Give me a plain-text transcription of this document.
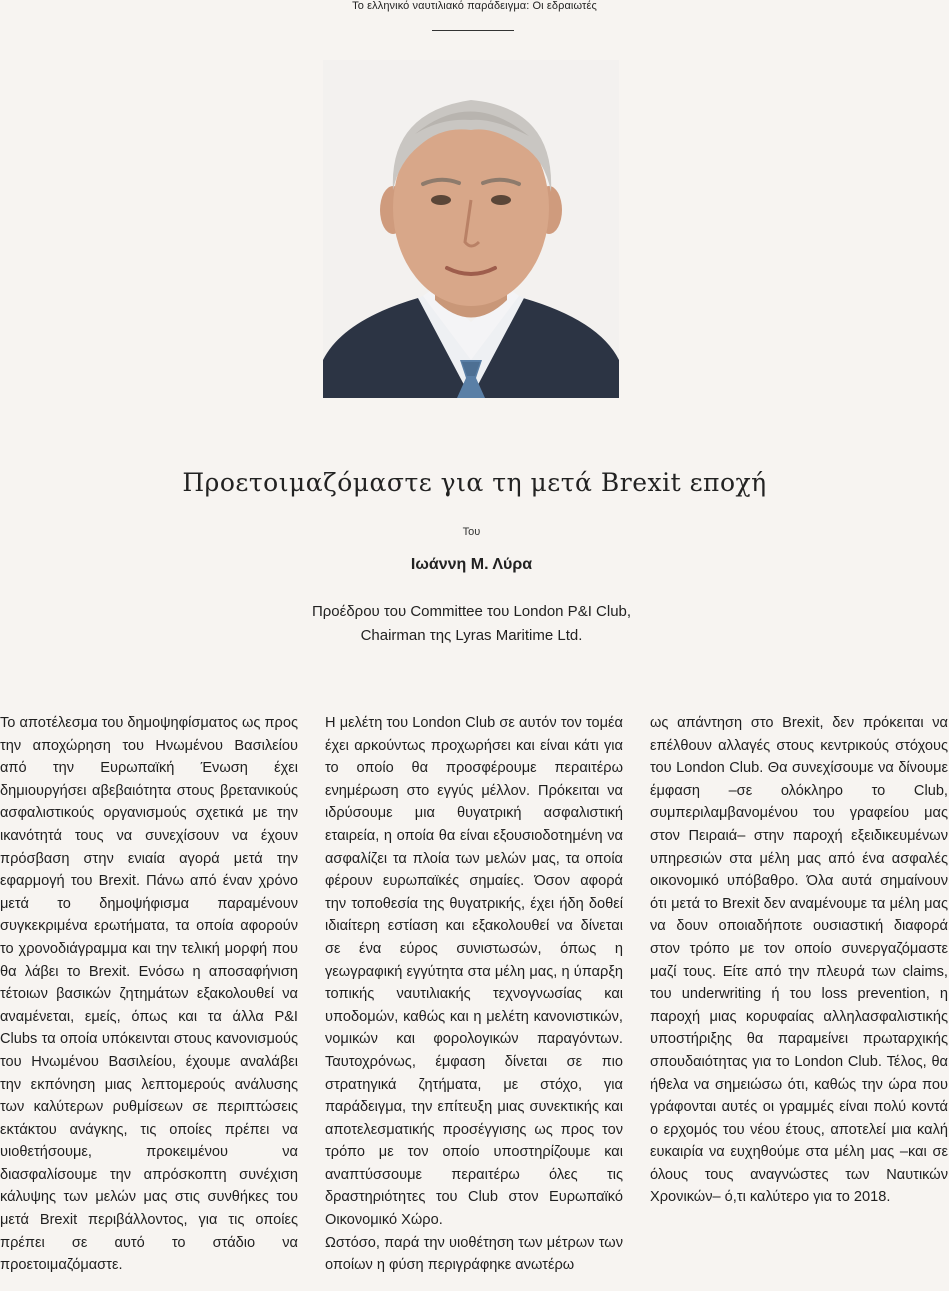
Το ελληνικό ναυτιλιακό παράδειγμα: Οι εδραιωτές
Προετοιμαζόμαστε για τη μετά Brexit εποχή
Του
Ιωάννη Μ. Λύρα
Προέδρου του Committee του London P&I Club,
Chairman της Lyras Maritime Ltd.

Το αποτέλεσμα του δημοψηφίσματος ως προς την αποχώρηση του Ηνωμένου Βασιλείου από την Ευρωπαϊκή Ένωση έχει δημιουργήσει αβεβαιότητα στους βρετανικούς ασφαλιστικούς οργανισμούς σχετικά με την ικανότητά τους να συνεχίσουν να έχουν πρόσβαση στην ενιαία αγορά μετά την εφαρμογή του Brexit. Πάνω από έναν χρόνο μετά το δημοψήφισμα παραμένουν συγκεκριμένα ερωτήματα, τα οποία αφορούν το χρονοδιάγραμμα και την τελική μορφή που θα λάβει το Brexit. Ενόσω η αποσαφήνιση τέτοιων βασικών ζητημάτων εξακολουθεί να αναμένεται, εμείς, όπως και τα άλλα P&I Clubs τα οποία υπόκεινται στους κανονισμούς του Ηνωμένου Βασιλείου, έχουμε αναλάβει την εκπόνηση μιας λεπτομερούς ανάλυσης των καλύτερων ρυθμίσεων σε περιπτώσεις εκτάκτου ανάγκης, τις οποίες πρέπει να υιοθετήσουμε, προκειμένου να διασφαλίσουμε την απρόσκοπτη συνέχιση κάλυψης των μελών μας στις συνθήκες του μετά Brexit περιβάλλοντος, για τις οποίες πρέπει σε αυτό το στάδιο να προετοιμαζόμαστε.

Η μελέτη του London Club σε αυτόν τον τομέα έχει αρκούντως προχωρήσει και είναι κάτι για το οποίο θα προσφέρουμε περαιτέρω ενημέρωση στο εγγύς μέλλον. Πρόκειται να ιδρύσουμε μια θυγατρική ασφαλιστική εταιρεία, η οποία θα είναι εξουσιοδοτημένη να ασφαλίζει τα πλοία των μελών μας, τα οποία φέρουν ευρωπαϊκές σημαίες. Όσον αφορά την τοποθεσία της θυγατρικής, έχει ήδη δοθεί ιδιαίτερη εστίαση και εξακολουθεί να δίνεται σε ένα εύρος συνιστωσών, όπως η γεωγραφική εγγύτητα στα μέλη μας, η ύπαρξη τοπικής ναυτιλιακής τεχνογνωσίας και υποδομών, καθώς και η μελέτη κανονιστικών, νομικών και φορολογικών παραγόντων. Ταυτοχρόνως, έμφαση δίνεται σε πιο στρατηγικά ζητήματα, με στόχο, για παράδειγμα, την επίτευξη μιας συνεκτικής και αποτελεσματικής προσέγγισης ως προς τον τρόπο με τον οποίο υποστηρίζουμε και αναπτύσσουμε περαιτέρω όλες τις δραστηριότητες του Club στον Ευρωπαϊκό Οικονομικό Χώρο.

Ωστόσο, παρά την υιοθέτηση των μέτρων των οποίων η φύση περιγράφηκε ανωτέρω

ως απάντηση στο Brexit, δεν πρόκειται να επέλθουν αλλαγές στους κεντρικούς στόχους του London Club. Θα συνεχίσουμε να δίνουμε έμφαση –σε ολόκληρο το Club, συμπεριλαμβανομένου του γραφείου μας στον Πειραιά– στην παροχή εξειδικευμένων υπηρεσιών στα μέλη μας από ένα ασφαλές οικονομικό υπόβαθρο. Όλα αυτά σημαίνουν ότι μετά το Brexit δεν αναμένουμε τα μέλη μας να δουν οποιαδήποτε ουσιαστική διαφορά στον τρόπο με τον οποίο συνεργαζόμαστε μαζί τους. Είτε από την πλευρά των claims, του underwriting ή του loss prevention, η παροχή μιας κορυφαίας αλληλασφαλιστικής υποστήριξης θα παραμείνει πρωταρχικής σπουδαιότητας για το London Club. Τέλος, θα ήθελα να σημειώσω ότι, καθώς την ώρα που γράφονται αυτές οι γραμμές είναι πολύ κοντά ο ερχομός του νέου έτους, αποτελεί μια καλή ευκαιρία να ευχηθούμε στα μέλη μας –και σε όλους τους αναγνώστες των Ναυτικών Χρονικών– ό,τι καλύτερο για το 2018.
